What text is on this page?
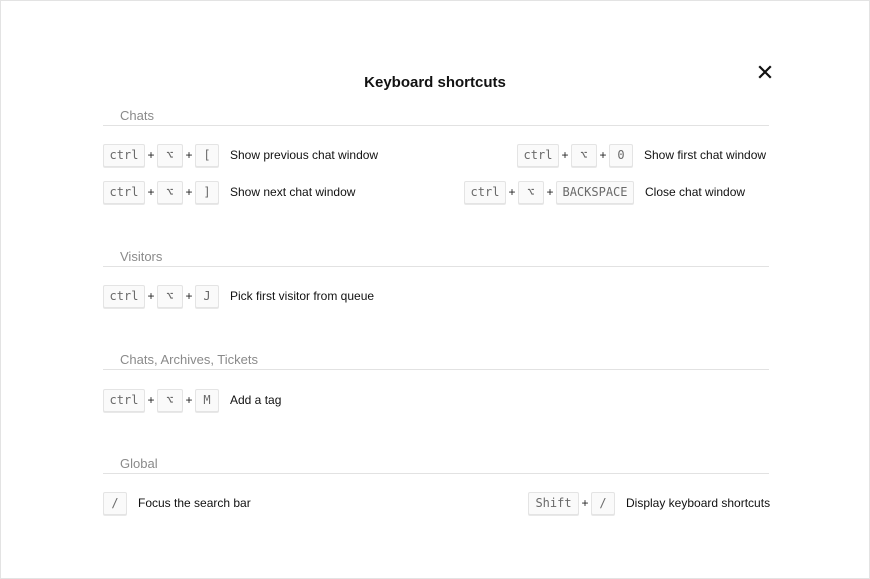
Keyboard shortcuts
Chats
ctrl + ⌥ + [	Show previous chat window	ctrl + ⌥ + 0	Show first chat window
ctrl + ⌥ + ]	Show next chat window	ctrl + ⌥ + BACKSPACE	Close chat window
Visitors
ctrl + ⌥ + J	Pick first visitor from queue
Chats, Archives, Tickets
ctrl + ⌥ + M	Add a tag
Global
/	Focus the search bar	Shift + /	Display keyboard shortcuts
